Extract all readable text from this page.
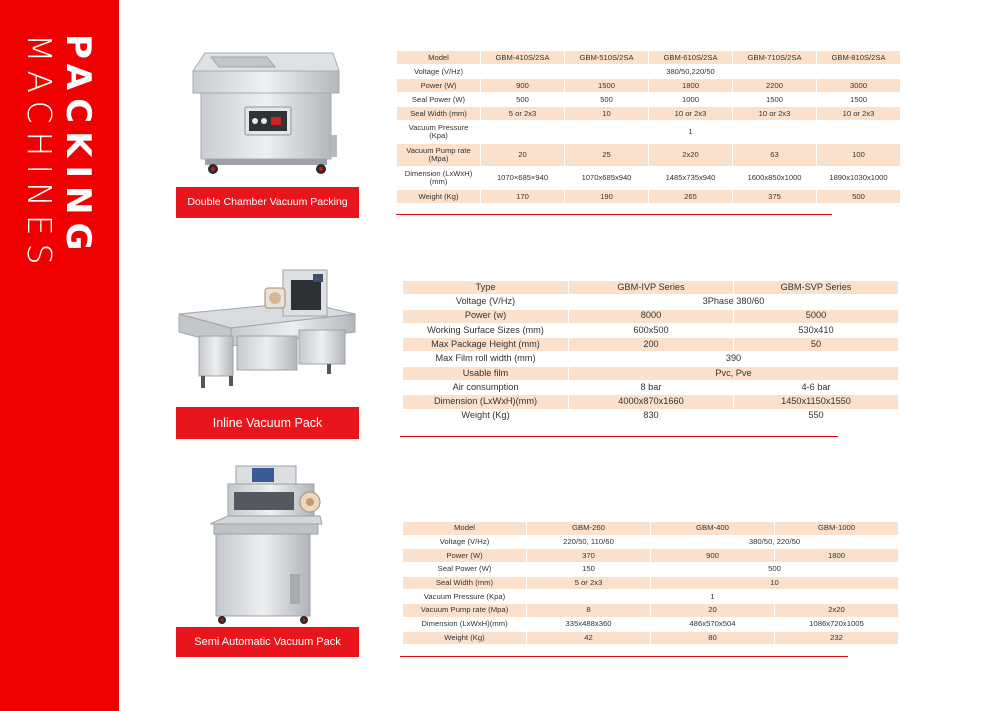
PACKING
MACHINES	Double Chamber Vacuum Packing
Inline Vacuum Pack
Semi Automatic Vacuum Pack
Model	GBM-410S/2SA	GBM-510S/2SA	GBM-610S/2SA	GBM-710S/2SA	GBM-810S/2SA
Voltage (V/Hz)	380/50,220/50				
Power (W)	900	1500	1800	2200	3000
Seal Power (W)	500	500	1000	1500	1500
Seal Width (mm)	5 or 2x3	10	10 or 2x3	10 or 2x3	10 or 2x3
Vacuum Pressure (Kpa)	1				
Vacuum Pump rate (Mpa)	20	25	2x20	63	100
Dimension (LxWxH) (mm)	1070×685×940	1070x685x940	1485x735x940	1600x850x1000	1890x1030x1000
Weight (Kg)	170	190	265	375	500
Type	GBM-IVP Series	GBM-SVP Series
Voltage (V/Hz)	3Phase 380/60	
Power (w)	8000	5000
Working Surface Sizes (mm)	600x500	530x410
Max Package Height (mm)	200	50
Max Film roll width (mm)	390	
Usable film	Pvc, Pve	
Air consumption	8 bar	4-6 bar
Dimension (LxWxH)(mm)	4000x870x1660	1450x1150x1550
Weight (Kg)	830	550
Model	GBM-260	GBM-400	GBM-1000
Voltage (V/Hz)	220/50, 110/60	380/50, 220/50	
Power (W)	370	900	1800
Seal Power (W)	150	500	
Seal Width (mm)	5 or 2x3	10	
Vacuum Pressure (Kpa)	1		
Vacuum Pump rate (Mpa)	8	20	2x20
Dimension (LxWxH)(mm)	335x488x360	486x570x504	1086x720x1005
Weight (Kg)	42	80	232
